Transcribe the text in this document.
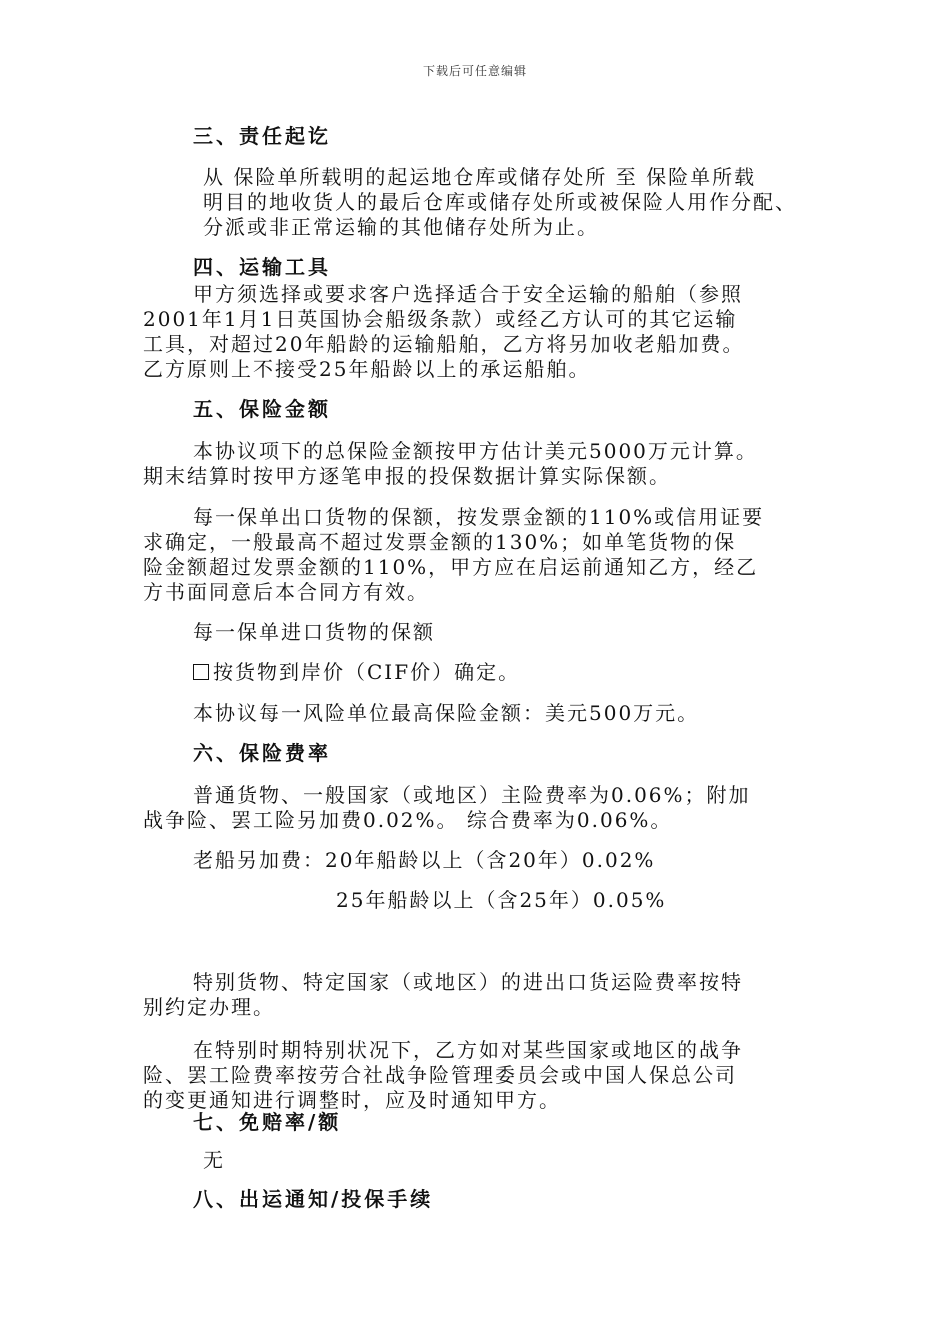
下载后可任意编辑
三、责任起讫
从 保险单所载明的起运地仓库或储存处所 至 保险单所载
明目的地收货人的最后仓库或储存处所或被保险人用作分配、
分派或非正常运输的其他储存处所为止。
四、运输工具
甲方须选择或要求客户选择适合于安全运输的船舶（参照
2001年1月1日英国协会船级条款）或经乙方认可的其它运输
工具，对超过20年船龄的运输船舶，乙方将另加收老船加费。
乙方原则上不接受25年船龄以上的承运船舶。
五、保险金额
本协议项下的总保险金额按甲方估计美元5000万元计算。
期末结算时按甲方逐笔申报的投保数据计算实际保额。
每一保单出口货物的保额，按发票金额的110%或信用证要
求确定，一般最高不超过发票金额的130%；如单笔货物的保
险金额超过发票金额的110%，甲方应在启运前通知乙方，经乙
方书面同意后本合同方有效。
每一保单进口货物的保额
按货物到岸价（CIF价）确定。
本协议每一风险单位最高保险金额：美元500万元。
六、保险费率
普通货物、一般国家（或地区）主险费率为0.06%；附加
战争险、罢工险另加费0.02%。 综合费率为0.06%。
老船另加费：20年船龄以上（含20年）0.02%
25年船龄以上（含25年）0.05%
特别货物、特定国家（或地区）的进出口货运险费率按特
别约定办理。
在特别时期特别状况下，乙方如对某些国家或地区的战争
险、罢工险费率按劳合社战争险管理委员会或中国人保总公司
的变更通知进行调整时，应及时通知甲方。
七、免赔率/额
无
八、出运通知/投保手续
